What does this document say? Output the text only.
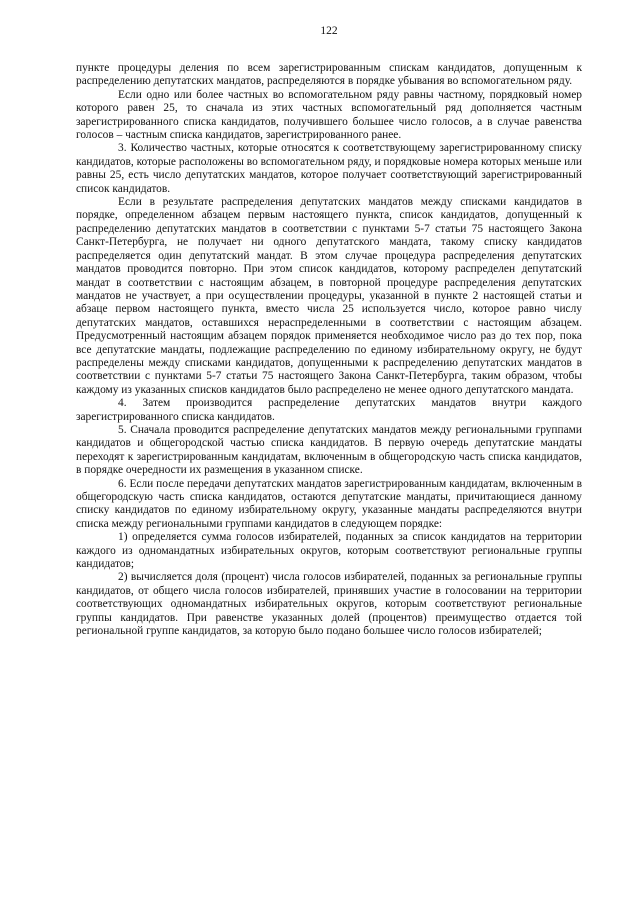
122

пункте процедуры деления по всем зарегистрированным спискам кандидатов, допущенным к распределению депутатских мандатов, распределяются в порядке убывания во вспомогательном ряду.

Если одно или более частных во вспомогательном ряду равны частному, порядковый номер которого равен 25, то сначала из этих частных вспомогательный ряд дополняется частным зарегистрированного списка кандидатов, получившего большее число голосов, а в случае равенства голосов – частным списка кандидатов, зарегистрированного ранее.

3. Количество частных, которые относятся к соответствующему зарегистрированному списку кандидатов, которые расположены во вспомогательном ряду, и порядковые номера которых меньше или равны 25, есть число депутатских мандатов, которое получает соответствующий зарегистрированный список кандидатов.

Если в результате распределения депутатских мандатов между списками кандидатов в порядке, определенном абзацем первым настоящего пункта, список кандидатов, допущенный к распределению депутатских мандатов в соответствии с пунктами 5-7 статьи 75 настоящего Закона Санкт-Петербурга, не получает ни одного депутатского мандата, такому списку кандидатов распределяется один депутатский мандат. В этом случае процедура распределения депутатских мандатов проводится повторно. При этом список кандидатов, которому распределен депутатский мандат в соответствии с настоящим абзацем, в повторной процедуре распределения депутатских мандатов не участвует, а при осуществлении процедуры, указанной в пункте 2 настоящей статьи и абзаце первом настоящего пункта, вместо числа 25 используется число, которое равно числу депутатских мандатов, оставшихся нераспределенными в соответствии с настоящим абзацем. Предусмотренный настоящим абзацем порядок применяется необходимое число раз до тех пор, пока все депутатские мандаты, подлежащие распределению по единому избирательному округу, не будут распределены между списками кандидатов, допущенными к распределению депутатских мандатов в соответствии с пунктами 5-7 статьи 75 настоящего Закона Санкт-Петербурга, таким образом, чтобы каждому из указанных списков кандидатов было распределено не менее одного депутатского мандата.

4. Затем производится распределение депутатских мандатов внутри каждого зарегистрированного списка кандидатов.

5. Сначала проводится распределение депутатских мандатов между региональными группами кандидатов и общегородской частью списка кандидатов. В первую очередь депутатские мандаты переходят к зарегистрированным кандидатам, включенным в общегородскую часть списка кандидатов, в порядке очередности их размещения в указанном списке.

6. Если после передачи депутатских мандатов зарегистрированным кандидатам, включенным в общегородскую часть списка кандидатов, остаются депутатские мандаты, причитающиеся данному списку кандидатов по единому избирательному округу, указанные мандаты распределяются внутри списка между региональными группами кандидатов в следующем порядке:

1) определяется сумма голосов избирателей, поданных за список кандидатов на территории каждого из одномандатных избирательных округов, которым соответствуют региональные группы кандидатов;

2) вычисляется доля (процент) числа голосов избирателей, поданных за региональные группы кандидатов, от общего числа голосов избирателей, принявших участие в голосовании на территории соответствующих одномандатных избирательных округов, которым соответствуют региональные группы кандидатов. При равенстве указанных долей (процентов) преимущество отдается той региональной группе кандидатов, за которую было подано большее число голосов избирателей;
